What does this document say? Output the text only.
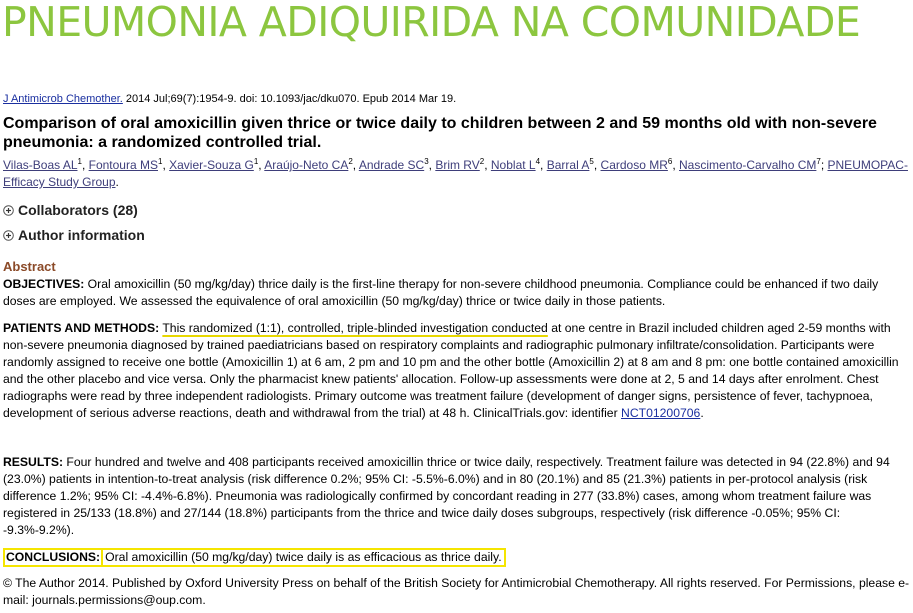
PNEUMONIA ADIQUIRIDA NA COMUNIDADE
J Antimicrob Chemother. 2014 Jul;69(7):1954-9. doi: 10.1093/jac/dku070. Epub 2014 Mar 19.
Comparison of oral amoxicillin given thrice or twice daily to children between 2 and 59 months old with non-severe pneumonia: a randomized controlled trial.
Vilas-Boas $AL^1$, Fontoura $MS^1$, Xavier-Souza $G^1$, Araújo-Neto $CA^2$, Andrade $SC^3$, Brim $RV^2$, Noblat $L^4$, Barral $A^5$, Cardoso $MR^6$, Nascimento-Carvalho $CM^7$; PNEUMOPAC-Efficacy Study Group.
Collaborators (28)
Author information
Abstract
OBJECTIVES: Oral amoxicillin (50 mg/kg/day) thrice daily is the first-line therapy for non-severe childhood pneumonia. Compliance could be enhanced if two daily doses are employed. We assessed the equivalence of oral amoxicillin (50 mg/kg/day) thrice or twice daily in those patients.
PATIENTS AND METHODS: This randomized (1:1), controlled, triple-blinded investigation conducted at one centre in Brazil included children aged 2-59 months with non-severe pneumonia diagnosed by trained paediatricians based on respiratory complaints and radiographic pulmonary infiltrate/consolidation. Participants were randomly assigned to receive one bottle (Amoxicillin 1) at 6 am, 2 pm and 10 pm and the other bottle (Amoxicillin 2) at 8 am and 8 pm: one bottle contained amoxicillin and the other placebo and vice versa. Only the pharmacist knew patients' allocation. Follow-up assessments were done at 2, 5 and 14 days after enrolment. Chest radiographs were read by three independent radiologists. Primary outcome was treatment failure (development of danger signs, persistence of fever, tachypnoea, development of serious adverse reactions, death and withdrawal from the trial) at 48 h. ClinicalTrials.gov: identifier NCT01200706.
RESULTS: Four hundred and twelve and 408 participants received amoxicillin thrice or twice daily, respectively. Treatment failure was detected in 94 (22.8%) and 94 (23.0%) patients in intention-to-treat analysis (risk difference 0.2%; 95% CI: -5.5%-6.0%) and in 80 (20.1%) and 85 (21.3%) patients in per-protocol analysis (risk difference 1.2%; 95% CI: -4.4%-6.8%). Pneumonia was radiologically confirmed by concordant reading in 277 (33.8%) cases, among whom treatment failure was registered in 25/133 (18.8%) and 27/144 (18.8%) participants from the thrice and twice daily doses subgroups, respectively (risk difference -0.05%; 95% CI: -9.3%-9.2%).
CONCLUSIONS: Oral amoxicillin (50 mg/kg/day) twice daily is as efficacious as thrice daily.
© The Author 2014. Published by Oxford University Press on behalf of the British Society for Antimicrobial Chemotherapy. All rights reserved. For Permissions, please e-mail: journals.permissions@oup.com.
